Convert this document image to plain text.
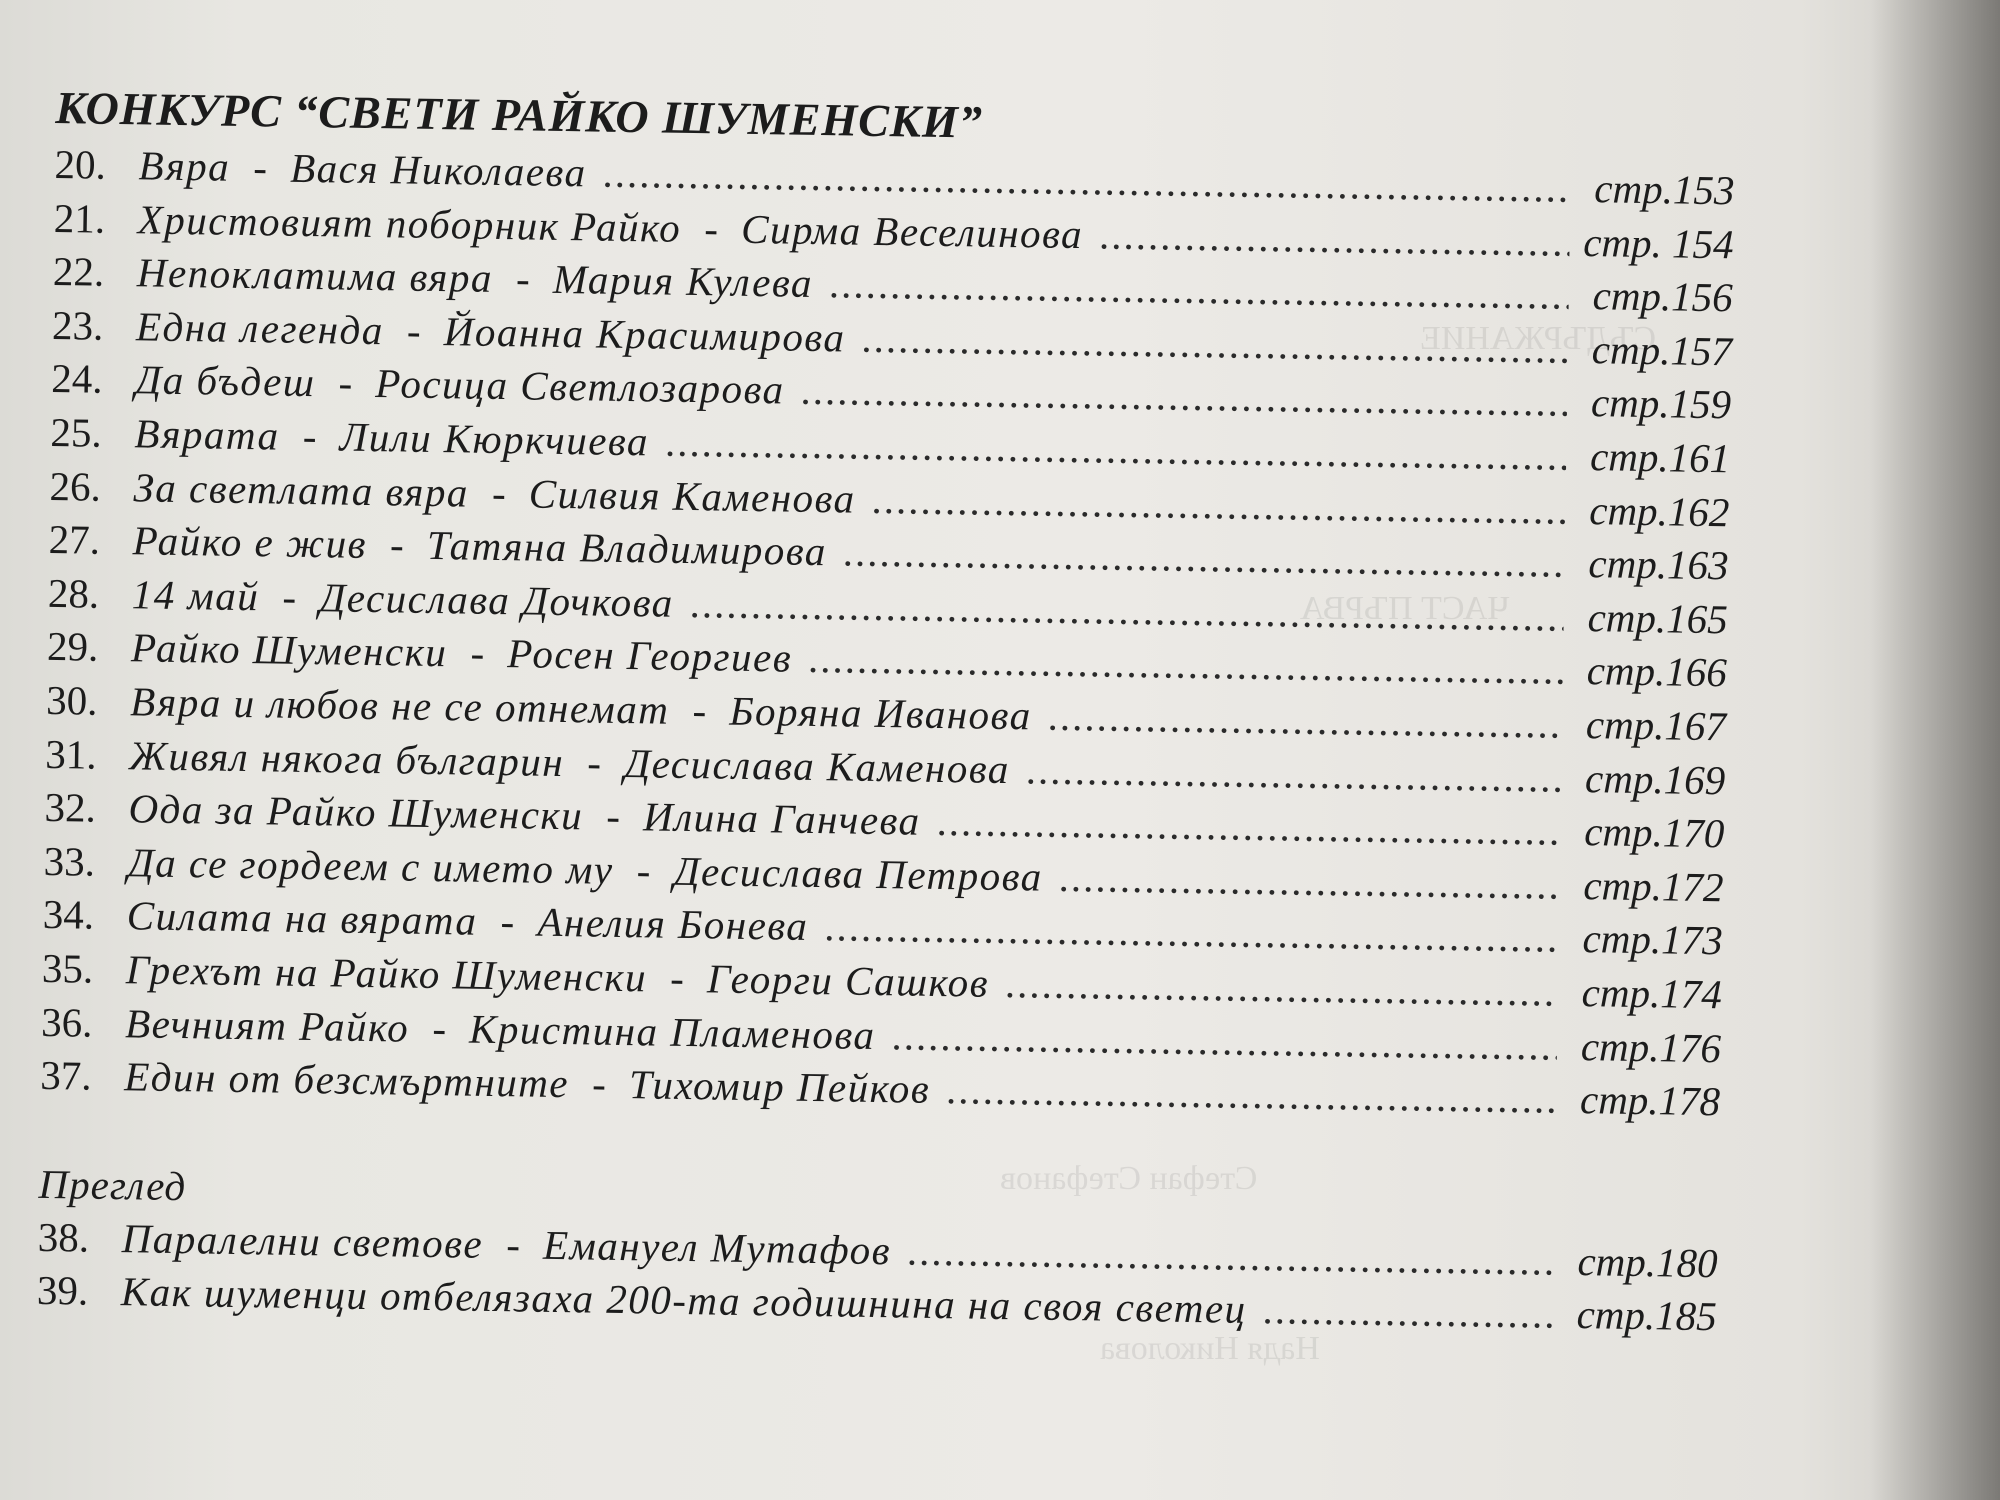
СЪДЪРЖАНИЕ
ЧАСТ ПЪРВА
Стефан Стефанов
Надя Николова
КОНКУРС “СВЕТИ РАЙКО ШУМЕНСКИ”
20. Вяра - Вася Николаева .....	стр.153
21. Христовият поборник Райко - Сирма Веселинова .....	стр. 154
22. Непоклатима вяра - Мария Кулева .....	стр.156
23. Една легенда - Йоанна Красимирова .....	стр.157
24. Да бъдеш - Росица Светлозарова .....	стр.159
25. Вярата - Лили Кюркчиева .....	стр.161
26. За светлата вяра - Силвия Каменова .....	стр.162
27. Райко е жив - Татяна Владимирова .....	стр.163
28. 14 май - Десислава Дочкова .....	стр.165
29. Райко Шуменски - Росен Георгиев .....	стр.166
30. Вяра и любов не се отнемат - Боряна Иванова .....	стр.167
31. Живял някога българин - Десислава Каменова .....	стр.169
32. Ода за Райко Шуменски - Илина Ганчева .....	стр.170
33. Да се гордеем с името му - Десислава Петрова .....	стр.172
34. Силата на вярата - Анелия Бонева .....	стр.173
35. Грехът на Райко Шуменски - Георги Сашков .....	стр.174
36. Вечният Райко - Кристина Пламенова .....	стр.176
37. Един от безсмъртните - Тихомир Пейков .....	стр.178
Преглед
38. Паралелни светове - Емануел Мутафов .....	стр.180
39. Как шуменци отбелязаха 200-та годишнина на своя светец .....	стр.185
